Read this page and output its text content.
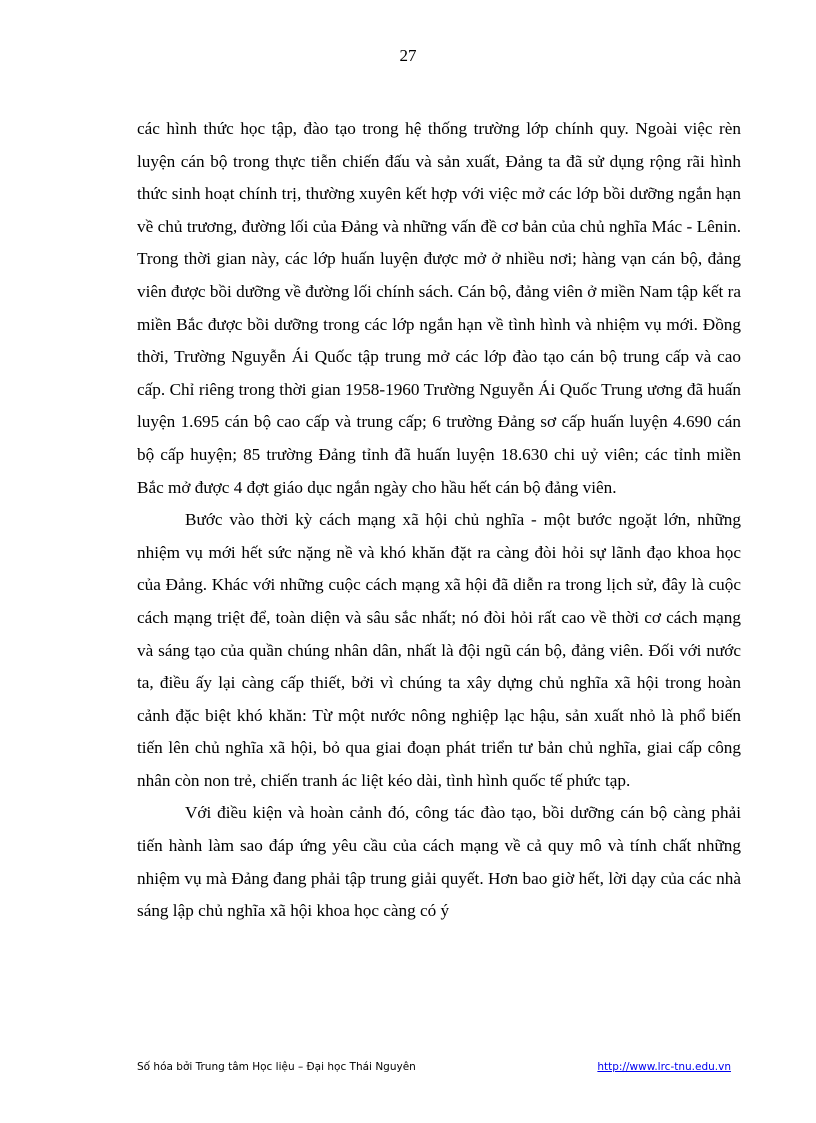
27

các hình thức học tập, đào tạo trong hệ thống trường lớp chính quy. Ngoài việc rèn luyện cán bộ trong thực tiễn chiến đấu và sản xuất, Đảng ta đã sử dụng rộng rãi hình thức sinh hoạt chính trị, thường xuyên kết hợp với việc mở các lớp bồi dưỡng ngắn hạn về chủ trương, đường lối của Đảng và những vấn đề cơ bản của chủ nghĩa Mác - Lênin. Trong thời gian này, các lớp huấn luyện được mở ở nhiều nơi; hàng vạn cán bộ, đảng viên được bồi dưỡng về đường lối chính sách. Cán bộ, đảng viên ở miền Nam tập kết ra miền Bắc được bồi dưỡng trong các lớp ngắn hạn về tình hình và nhiệm vụ mới. Đồng thời, Trường Nguyễn Ái Quốc tập trung mở các lớp đào tạo cán bộ trung cấp và cao cấp. Chỉ riêng trong thời gian 1958-1960 Trường Nguyễn Ái Quốc Trung ương đã huấn luyện 1.695 cán bộ cao cấp và trung cấp; 6 trường Đảng sơ cấp huấn luyện 4.690 cán bộ cấp huyện; 85 trường Đảng tỉnh đã huấn luyện 18.630 chi uỷ viên; các tỉnh miền Bắc mở được 4 đợt giáo dục ngắn ngày cho hầu hết cán bộ đảng viên.

Bước vào thời kỳ cách mạng xã hội chủ nghĩa - một bước ngoặt lớn, những nhiệm vụ mới hết sức nặng nề và khó khăn đặt ra càng đòi hỏi sự lãnh đạo khoa học của Đảng. Khác với những cuộc cách mạng xã hội đã diễn ra trong lịch sử, đây là cuộc cách mạng triệt để, toàn diện và sâu sắc nhất; nó đòi hỏi rất cao về thời cơ cách mạng và sáng tạo của quần chúng nhân dân, nhất là đội ngũ cán bộ, đảng viên. Đối với nước ta, điều ấy lại càng cấp thiết, bởi vì chúng ta xây dựng chủ nghĩa xã hội trong hoàn cảnh đặc biệt khó khăn: Từ một nước nông nghiệp lạc hậu, sản xuất nhỏ là phổ biến tiến lên chủ nghĩa xã hội, bỏ qua giai đoạn phát triển tư bản chủ nghĩa, giai cấp công nhân còn non trẻ, chiến tranh ác liệt kéo dài, tình hình quốc tế phức tạp.

Với điều kiện và hoàn cảnh đó, công tác đào tạo, bồi dưỡng cán bộ càng phải tiến hành làm sao đáp ứng yêu cầu của cách mạng về cả quy mô và tính chất những nhiệm vụ mà Đảng đang phải tập trung giải quyết. Hơn bao giờ hết, lời dạy của các nhà sáng lập chủ nghĩa xã hội khoa học càng có ý

Số hóa bởi Trung tâm Học liệu – Đại học Thái Nguyên	http://www.lrc-tnu.edu.vn
